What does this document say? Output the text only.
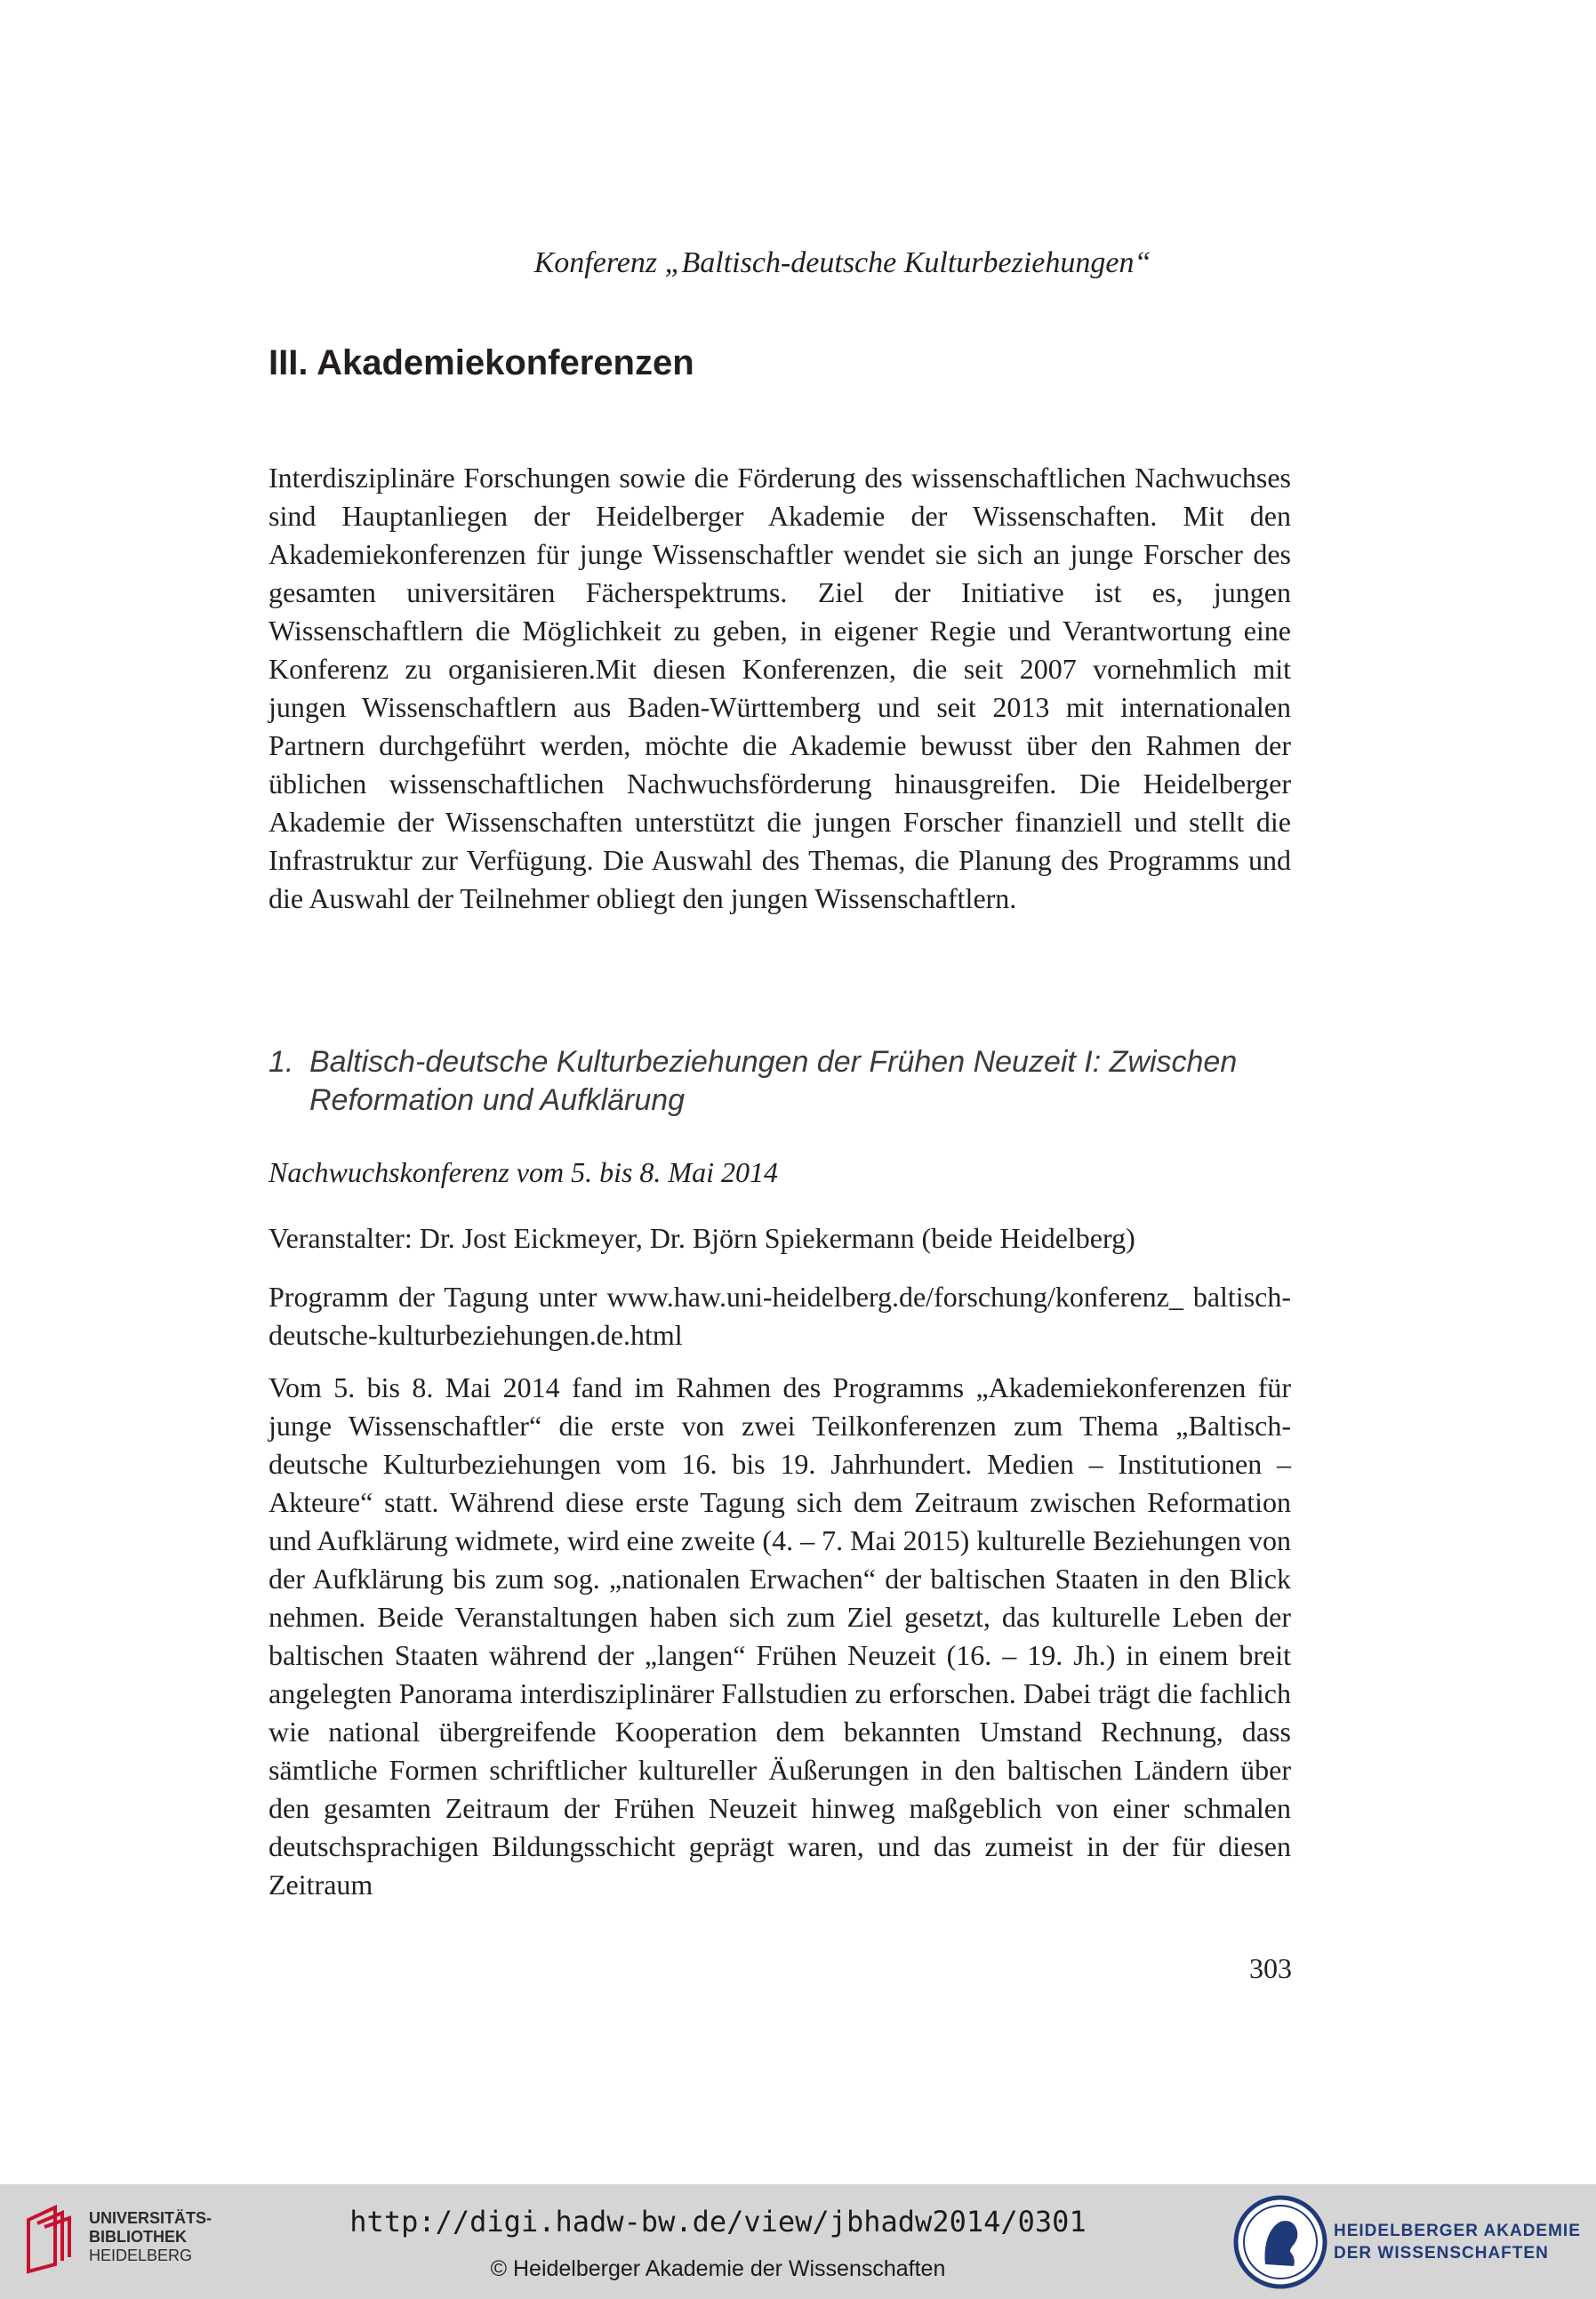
Konferenz „Baltisch-deutsche Kulturbeziehungen“
III. Akademiekonferenzen

Interdisziplinäre Forschungen sowie die Förderung des wissenschaftlichen Nachwuchses sind Hauptanliegen der Heidelberger Akademie der Wissenschaften. Mit den Akademiekonferenzen für junge Wissenschaftler wendet sie sich an junge Forscher des gesamten universitären Fächerspektrums. Ziel der Initiative ist es, jungen Wissenschaftlern die Möglichkeit zu geben, in eigener Regie und Verantwortung eine Konferenz zu organisieren.Mit diesen Konferenzen, die seit 2007 vornehmlich mit jungen Wissenschaftlern aus Baden-Württemberg und seit 2013 mit internationalen Partnern durchgeführt werden, möchte die Akademie bewusst über den Rahmen der üblichen wissenschaftlichen Nachwuchsförderung hinausgreifen. Die Heidelberger Akademie der Wissenschaften unterstützt die jungen Forscher finanziell und stellt die Infrastruktur zur Verfügung. Die Auswahl des Themas, die Planung des Programms und die Auswahl der Teilnehmer obliegt den jungen Wissenschaftlern.

1. Baltisch-deutsche Kulturbeziehungen der Frühen Neuzeit I: Zwischen Reformation und Aufklärung
Nachwuchskonferenz vom 5. bis 8. Mai 2014
Veranstalter: Dr. Jost Eickmeyer, Dr. Björn Spiekermann (beide Heidelberg)
Programm der Tagung unter www.haw.uni-heidelberg.de/forschung/konferenz_ baltisch-deutsche-kulturbeziehungen.de.html

Vom 5. bis 8. Mai 2014 fand im Rahmen des Programms „Akademiekonferenzen für junge Wissenschaftler“ die erste von zwei Teilkonferenzen zum Thema „Baltisch-deutsche Kulturbeziehungen vom 16. bis 19. Jahrhundert. Medien – Institutionen – Akteure“ statt. Während diese erste Tagung sich dem Zeitraum zwischen Reformation und Aufklärung widmete, wird eine zweite (4. – 7. Mai 2015) kulturelle Beziehungen von der Aufklärung bis zum sog. „nationalen Erwachen“ der baltischen Staaten in den Blick nehmen. Beide Veranstaltungen haben sich zum Ziel gesetzt, das kulturelle Leben der baltischen Staaten während der „langen“ Frühen Neuzeit (16. – 19. Jh.) in einem breit angelegten Panorama interdisziplinärer Fallstudien zu erforschen. Dabei trägt die fachlich wie national übergreifende Kooperation dem bekannten Umstand Rechnung, dass sämtliche Formen schriftlicher kultureller Äußerungen in den baltischen Ländern über den gesamten Zeitraum der Frühen Neuzeit hinweg maßgeblich von einer schmalen deutschsprachigen Bildungsschicht geprägt waren, und das zumeist in der für diesen Zeitraum

303
UNIVERSITÄTS-
BIBLIOTHEK
HEIDELBERG
http://digi.hadw-bw.de/view/jbhadw2014/0301
© Heidelberger Akademie der Wissenschaften
HEIDELBERGER AKADEMIE
DER WISSENSCHAFTEN
